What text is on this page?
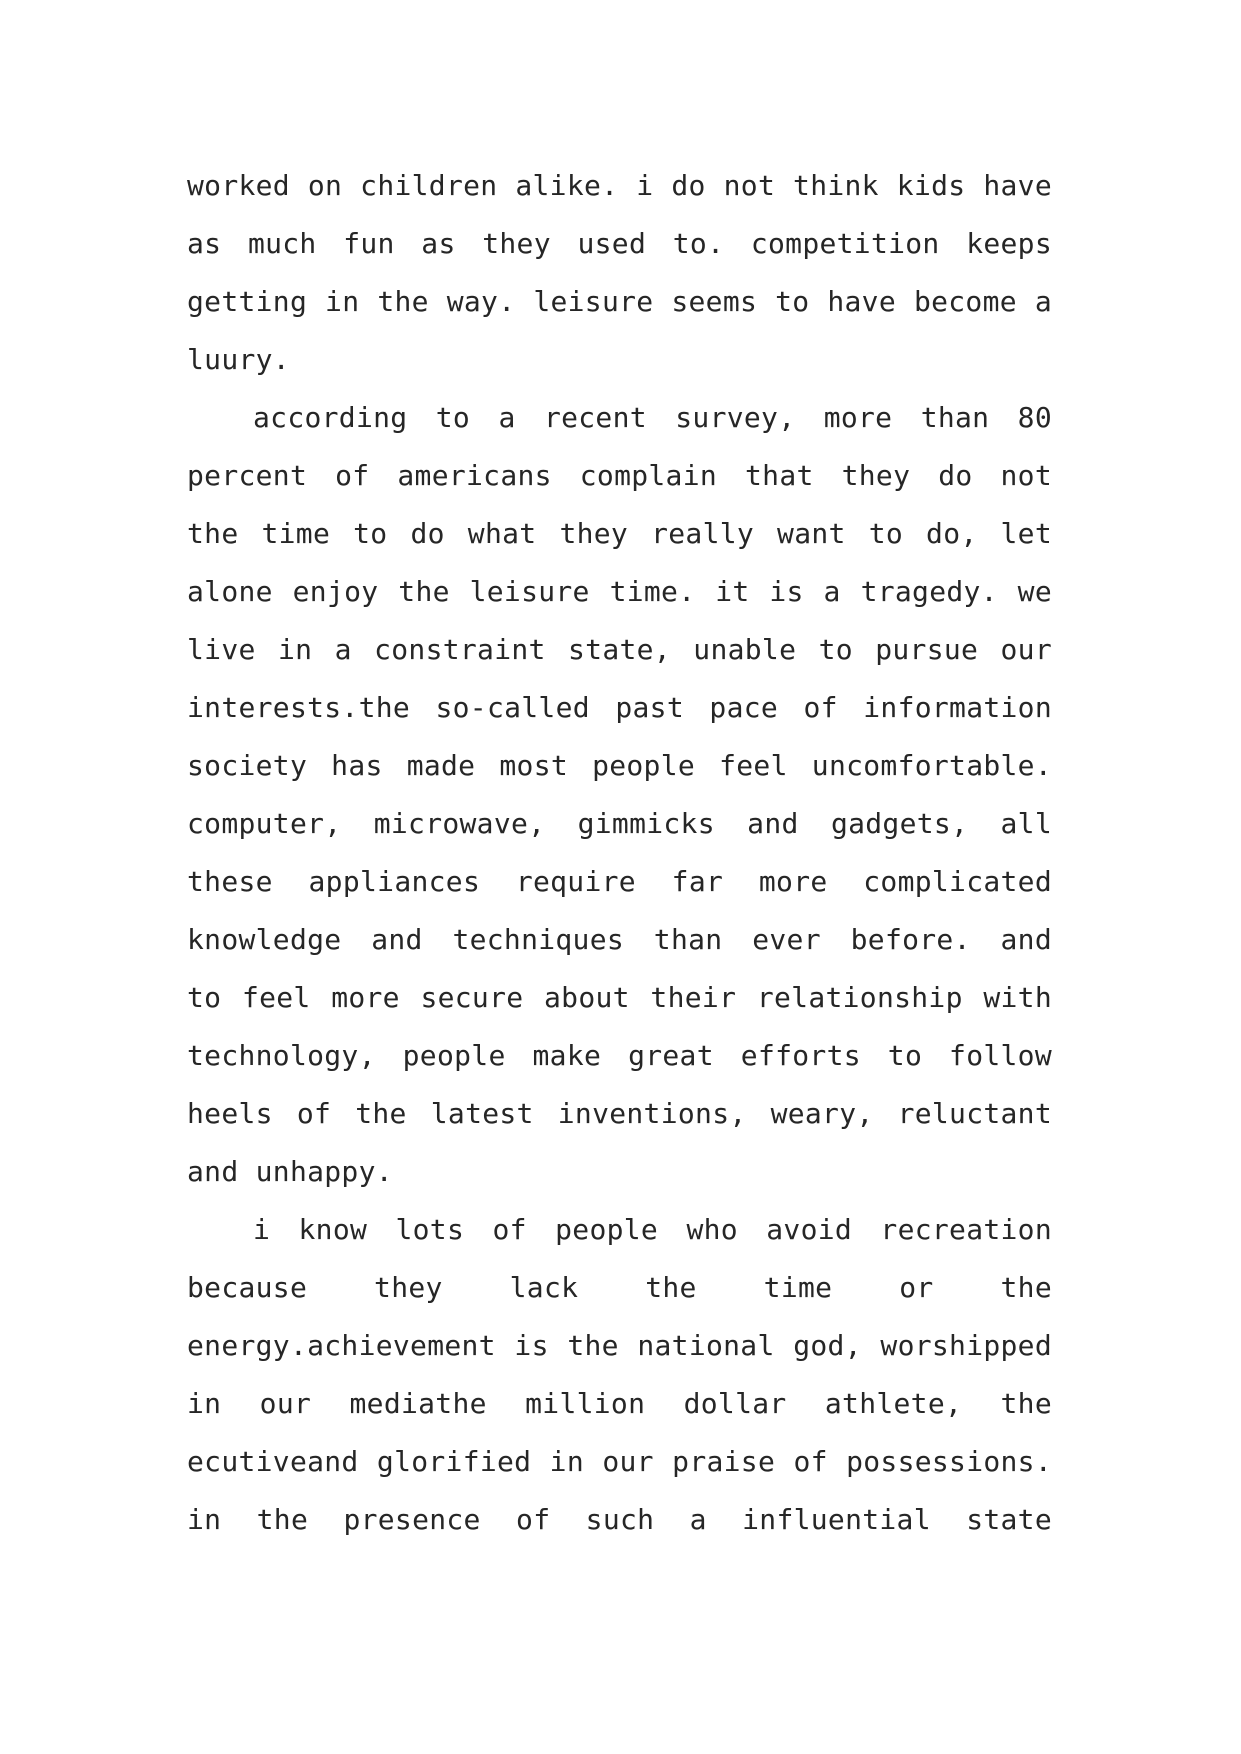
worked on children alike. i do not think kids have
as much fun as they used to. competition keeps
getting in the way. leisure seems to have become a
luury.
according to a recent survey, more than 80
percent of americans complain that they do not
the time to do what they really want to do, let
alone enjoy the leisure time. it is a tragedy. we
live in a constraint state, unable to pursue our
interests.the so-called past pace of information
society has made most people feel uncomfortable.
computer, microwave, gimmicks and gadgets, all
these appliances require far more complicated
knowledge and techniques than ever before. and
to feel more secure about their relationship with
technology, people make great efforts to follow
heels of the latest inventions, weary, reluctant
and unhappy.
i know lots of people who avoid recreation
because they lack the time or the
energy.achievement is the national god, worshipped
in our mediathe million dollar athlete, the
ecutiveand glorified in our praise of possessions.
in the presence of such a influential state
